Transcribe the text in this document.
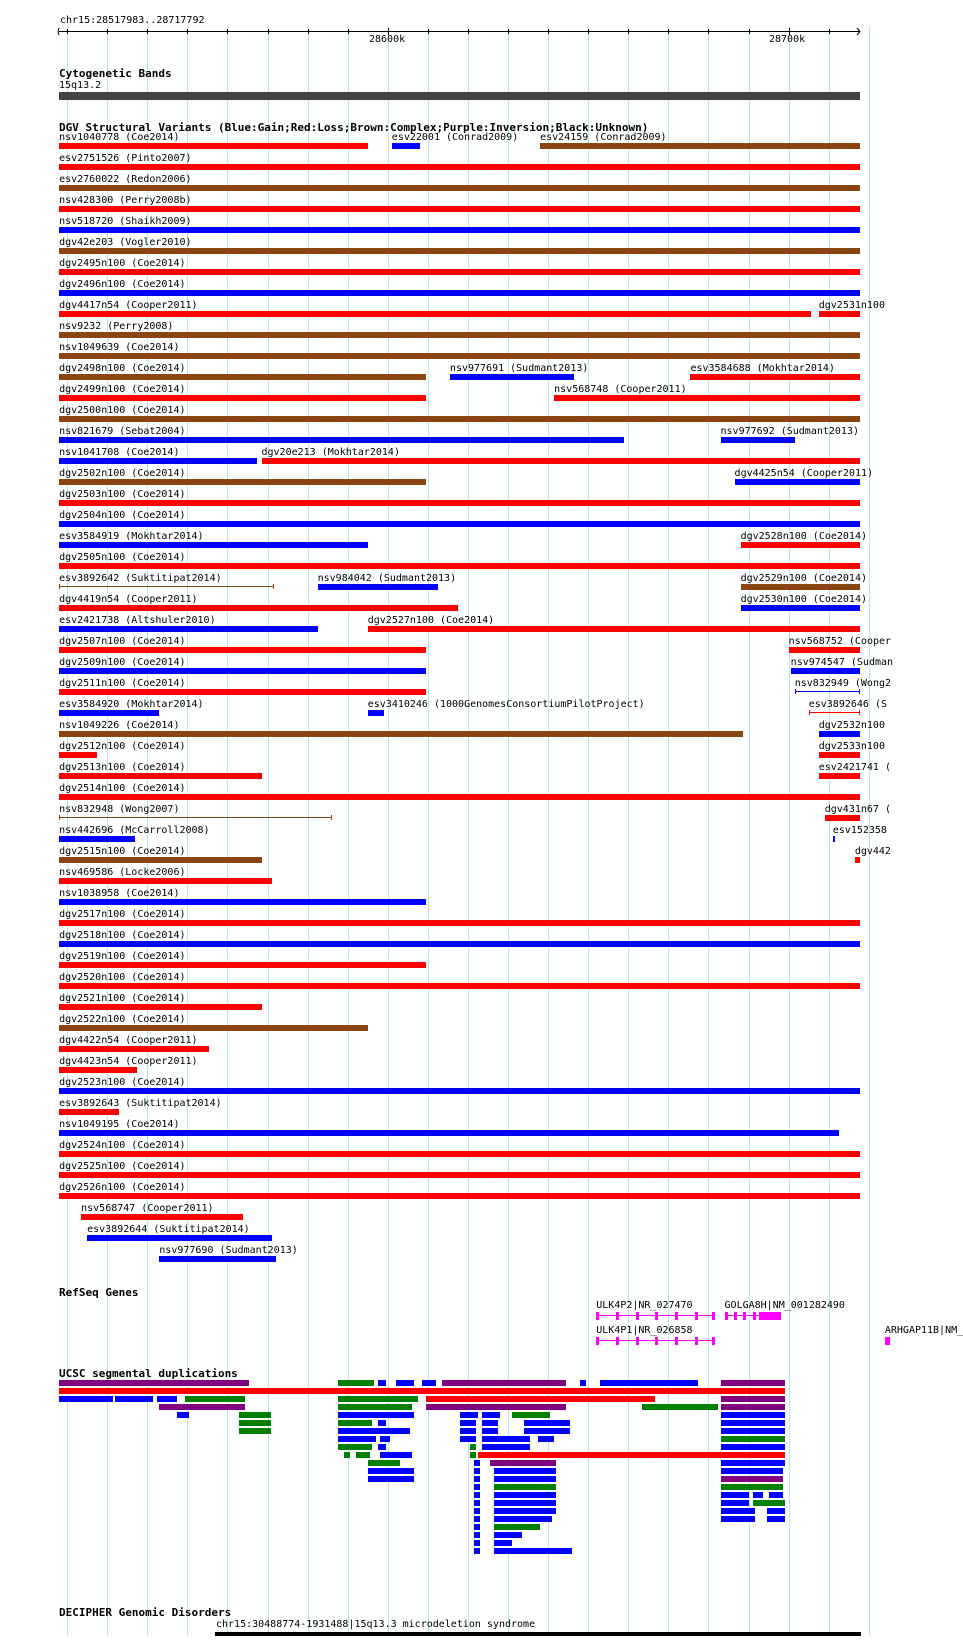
chr15:28517983..28717792
28600k	28700k
Cytogenetic Bands
15q13.2
DGV Structural Variants (Blue:Gain;Red:Loss;Brown:Complex;Purple:Inversion;Black:Unknown)
RefSeq Genes
UCSC segmental duplications
DECIPHER Genomic Disorders
chr15:30488774-1931488|15q13.3 microdeletion syndrome
nsv1040778 (Coe2014)	esv22001 (Conrad2009) esv24159 (Conrad2009)
esv2751526 (Pinto2007)
esv2760022 (Redon2006)
nsv428300 (Perry2008b)
nsv518720 (Shaikh2009)
dgv42e203 (Vogler2010)
dgv2495n100 (Coe2014)
dgv2496n100 (Coe2014)
dgv4417n54 (Cooper2011)	dgv2531n100
nsv9232 (Perry2008)
nsv1049639 (Coe2014)
dgv2498n100 (Coe2014)	nsv977691 (Sudmant2013)	esv3584688 (Mokhtar2014)
dgv2499n100 (Coe2014)	nsv568748 (Cooper2011)
dgv2500n100 (Coe2014)
nsv821679 (Sebat2004)	nsv977692 (Sudmant2013)
nsv1041708 (Coe2014)	dgv20e213 (Mokhtar2014)
dgv2502n100 (Coe2014)	dgv4425n54 (Cooper2011)
dgv2503n100 (Coe2014)
dgv2504n100 (Coe2014)
esv3584919 (Mokhtar2014)	dgv2528n100 (Coe2014)
dgv2505n100 (Coe2014)
esv3892642 (Suktitipat2014)	nsv984042 (Sudmant2013)	dgv2529n100 (Coe2014)
dgv4419n54 (Cooper2011)	dgv2530n100 (Coe2014)
esv2421738 (Altshuler2010)	dgv2527n100 (Coe2014)
dgv2507n100 (Coe2014)	nsv568752 (Cooper
dgv2509n100 (Coe2014)	nsv974547 (Sudman
dgv2511n100 (Coe2014)	nsv832949 (Wong2
esv3584920 (Mokhtar2014)	esv3410246 (1000GenomesConsortiumPilotProject)	esv3892646 (S
nsv1049226 (Coe2014)	dgv2532n100
dgv2512n100 (Coe2014)	dgv2533n100
dgv2513n100 (Coe2014)	esv2421741 (
dgv2514n100 (Coe2014)
nsv832948 (Wong2007)	dgv431n67 (
nsv442696 (McCarroll2008)	esv152358
dgv2515n100 (Coe2014)	dgv442
nsv469586 (Locke2006)
nsv1038958 (Coe2014)
dgv2517n100 (Coe2014)
dgv2518n100 (Coe2014)
dgv2519n100 (Coe2014)
dgv2520n100 (Coe2014)
dgv2521n100 (Coe2014)
dgv2522n100 (Coe2014)
dgv4422n54 (Cooper2011)
dgv4423n54 (Cooper2011)
dgv2523n100 (Coe2014)
esv3892643 (Suktitipat2014)
nsv1049195 (Coe2014)
dgv2524n100 (Coe2014)
dgv2525n100 (Coe2014)
dgv2526n100 (Coe2014)
nsv568747 (Cooper2011)
esv3892644 (Suktitipat2014)
nsv977690 (Sudmant2013)
ULK4P2|NR_027470	GOLGA8H|NM_001282490
ULK4P1|NR_026858	ARHGAP11B|NM_
